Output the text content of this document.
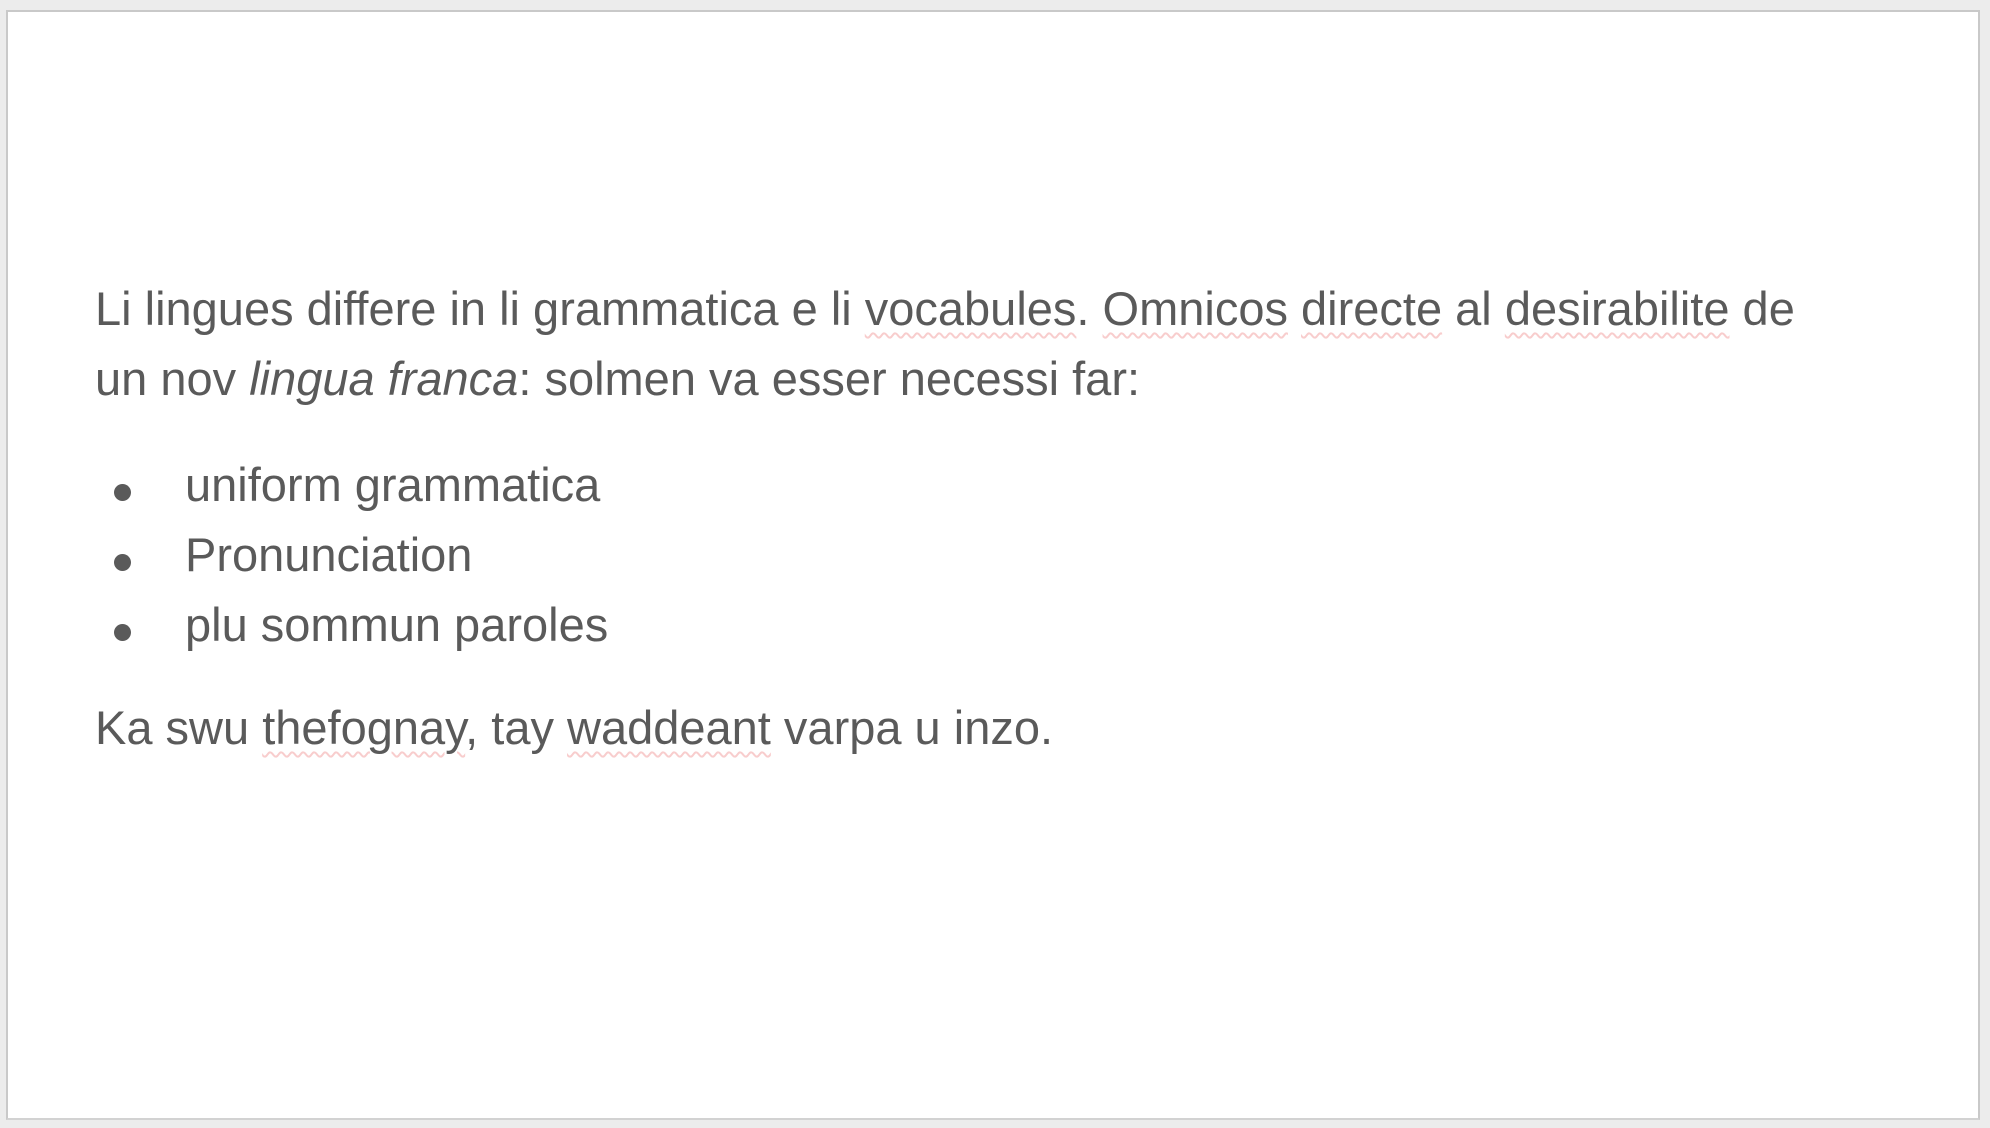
Li lingues differe in li grammatica e li vocabules. Omnicos directe al desirabilite de

un nov lingua franca: solmen va esser necessi far:

uniform grammatica
Pronunciation
plu sommun paroles

Ka swu thefognay, tay waddeant varpa u inzo.
